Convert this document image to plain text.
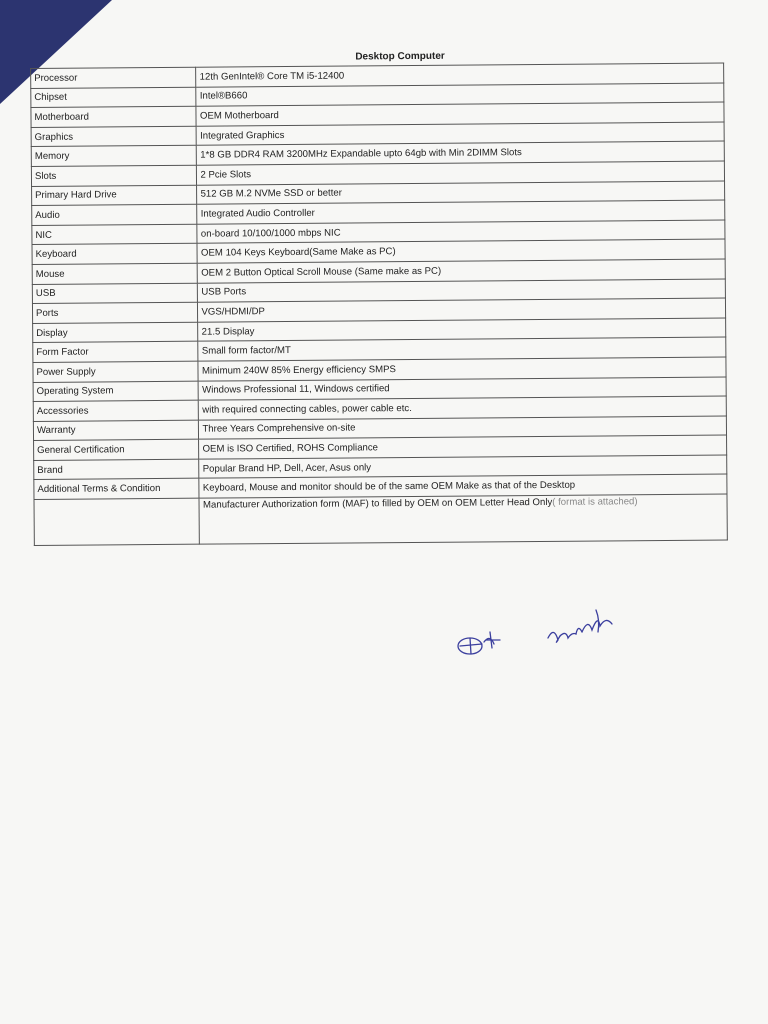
Desktop Computer
Processor	12th GenIntel® Core TM i5-12400
Chipset	Intel®B660
Motherboard	OEM Motherboard
Graphics	Integrated Graphics
Memory	1*8 GB DDR4 RAM 3200MHz Expandable upto 64gb with Min 2DIMM Slots
Slots	2 Pcie Slots
Primary Hard Drive	512 GB M.2 NVMe SSD or better
Audio	Integrated Audio Controller
NIC	on-board 10/100/1000 mbps NIC
Keyboard	OEM 104 Keys Keyboard(Same Make as PC)
Mouse	OEM 2 Button Optical Scroll Mouse (Same make as PC)
USB	USB Ports
Ports	VGS/HDMI/DP
Display	21.5 Display
Form Factor	Small form factor/MT
Power Supply	Minimum 240W 85% Energy efficiency SMPS
Operating System	Windows Professional 11, Windows certified
Accessories	with required connecting cables, power cable etc.
Warranty	Three Years Comprehensive on-site
General Certification	OEM is ISO Certified, ROHS Compliance
Brand	Popular Brand HP, Dell, Acer, Asus only
Additional Terms & Condition	Keyboard, Mouse and monitor should be of the same OEM Make as that of the Desktop
	Manufacturer Authorization form (MAF) to filled by OEM on OEM Letter Head Only( format is attached)
